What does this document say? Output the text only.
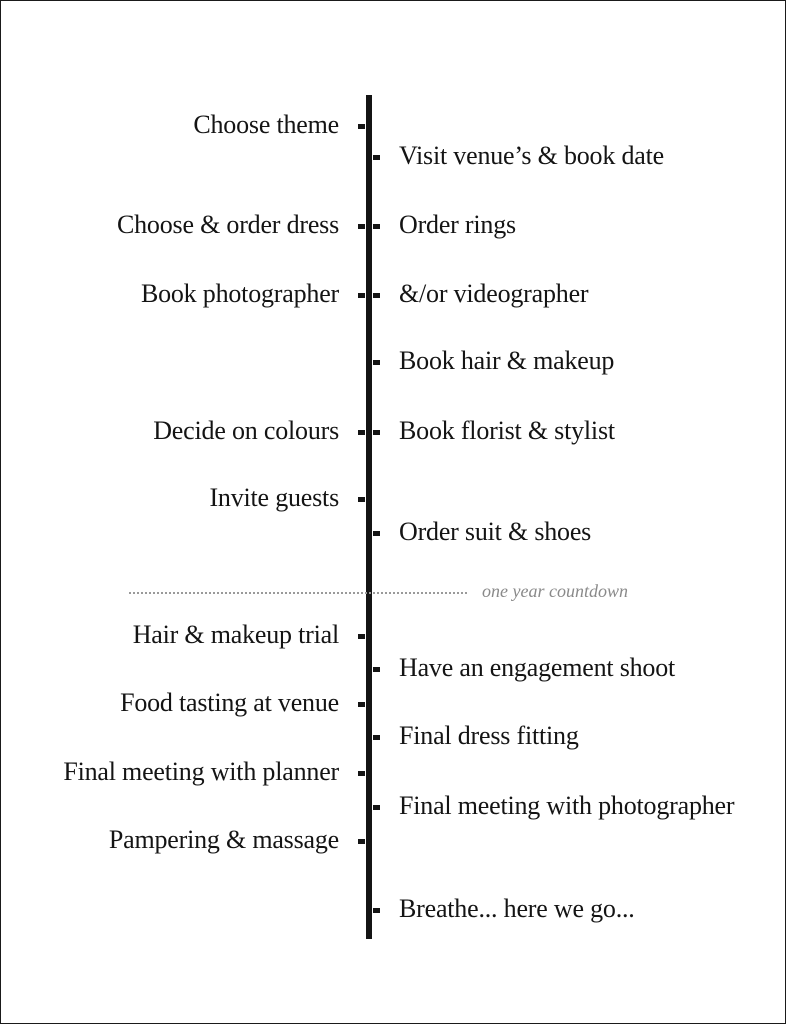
Choose theme
Choose & order dress
Book photographer
Decide on colours
Invite guests
Hair & makeup trial
Food tasting at venue
Final meeting with planner
Pampering & massage
Visit venue’s & book date
Order rings
&/or videographer
Book hair & makeup
Book florist & stylist
Order suit & shoes
Have an engagement shoot
Final dress fitting
Final meeting with photographer
Breathe... here we go...
one year countdown
